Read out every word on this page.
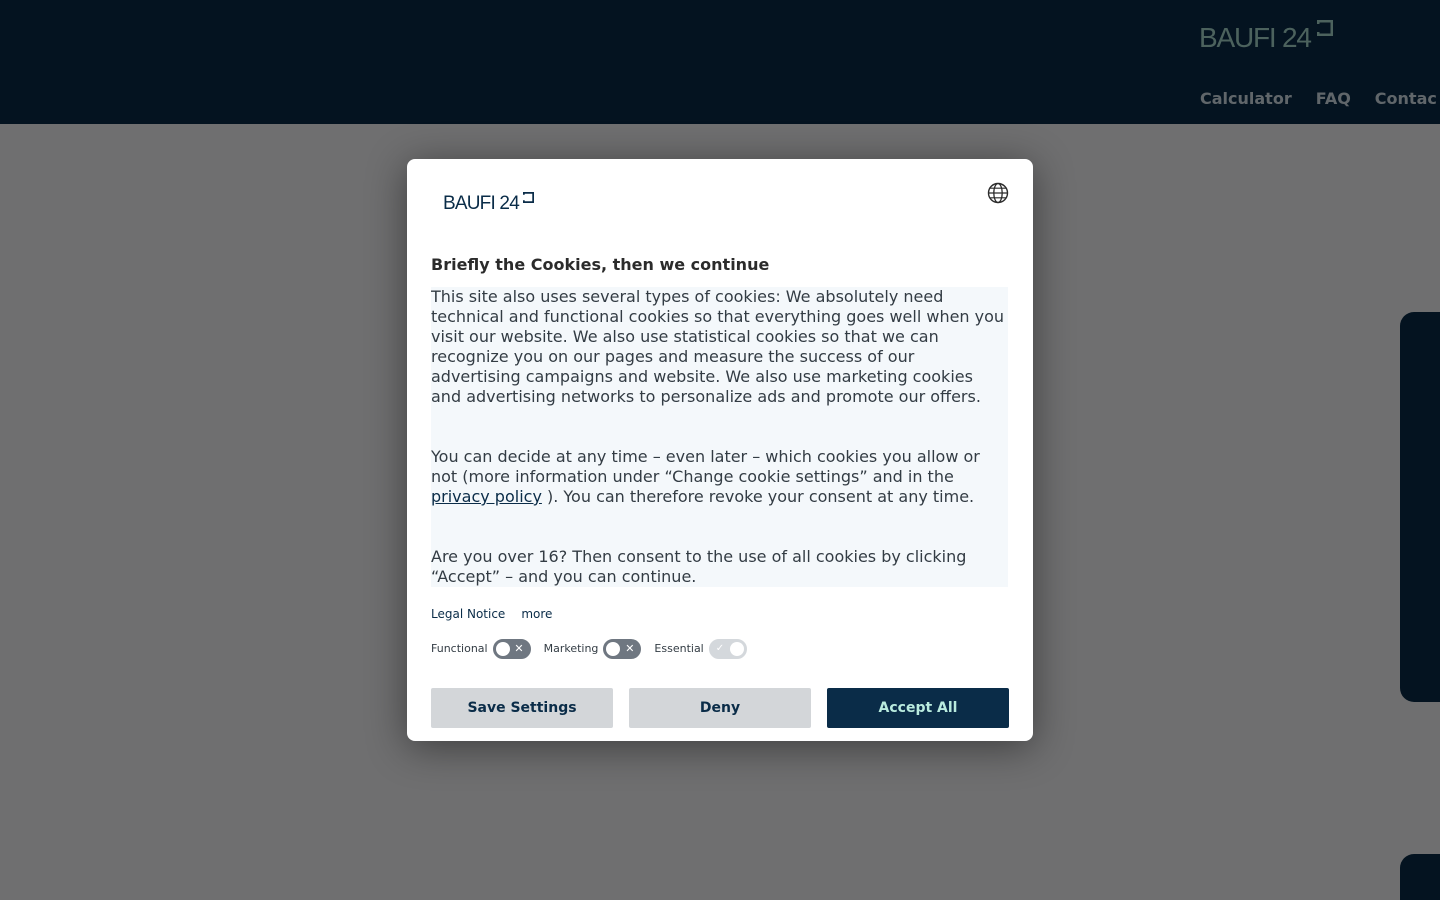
BAUFI 24
Briefly the Cookies, then we continue

This site also uses several types of cookies: We absolutely need technical and functional cookies so that everything goes well when you visit our website. We also use statistical cookies so that we can recognize you on our pages and measure the success of our advertising campaigns and website. We also use marketing cookies and advertising networks to personalize ads and promote our offers.

You can decide at any time – even later – which cookies you allow or not (more information under “Change cookie settings” and in the privacy policy ). You can therefore revoke your consent at any time.

Are you over 16? Then consent to the use of all cookies by clicking “Accept” – and you can continue.

Legal Notice more
Functional ✕ Marketing ✕ Essential ✓
Save Settings	Deny	Accept All
